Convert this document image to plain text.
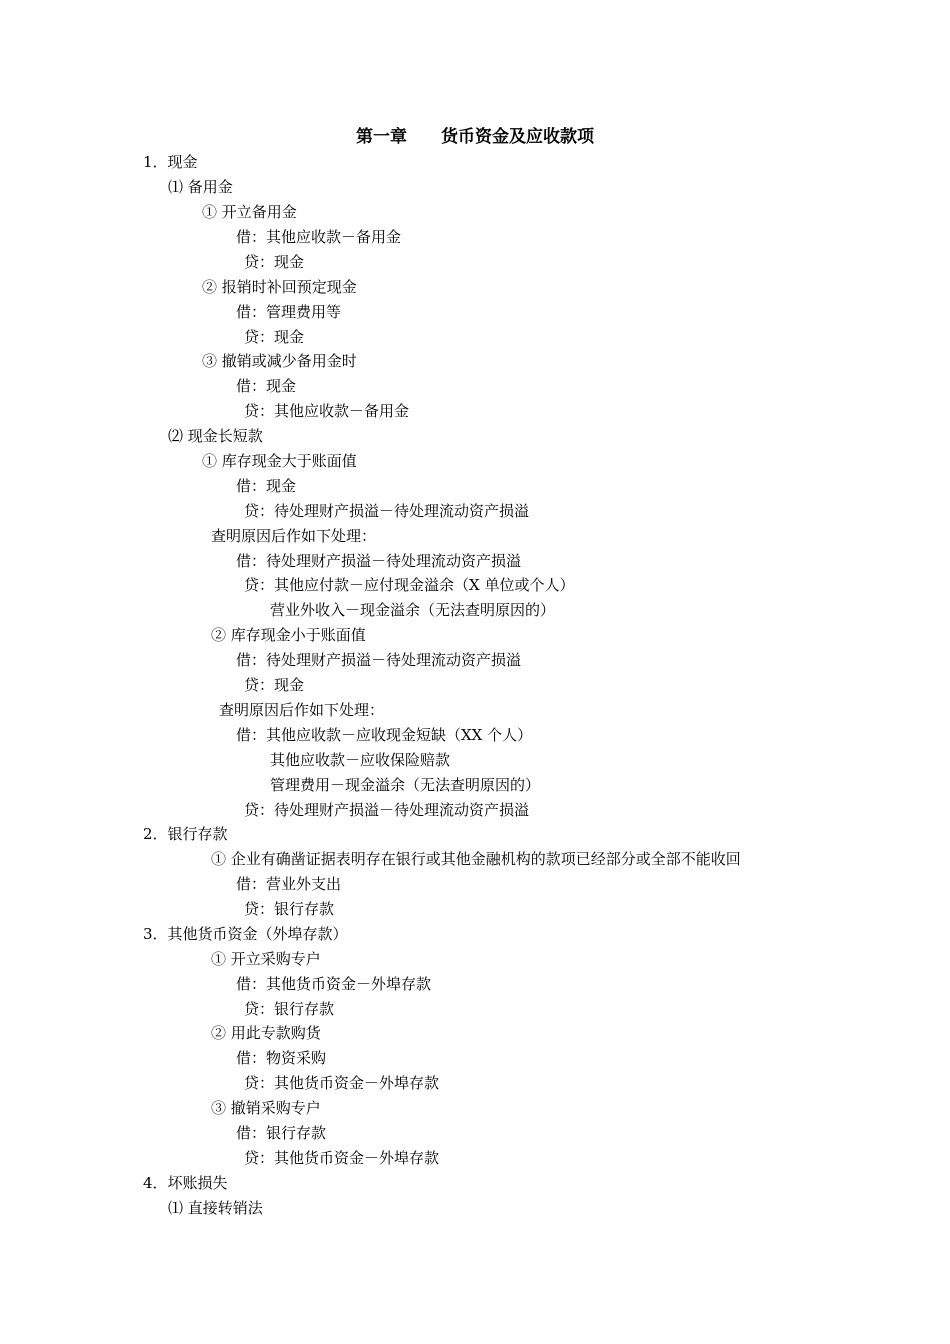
第一章　　货币资金及应收款项
1．现金
⑴ 备用金
① 开立备用金
借：其他应收款－备用金
贷：现金
② 报销时补回预定现金
借：管理费用等
贷：现金
③ 撤销或减少备用金时
借：现金
贷：其他应收款－备用金
⑵ 现金长短款
① 库存现金大于账面值
借：现金
贷：待处理财产损溢－待处理流动资产损溢
查明原因后作如下处理：
借：待处理财产损溢－待处理流动资产损溢
贷：其他应付款－应付现金溢余（X 单位或个人）
营业外收入－现金溢余（无法查明原因的）
② 库存现金小于账面值
借：待处理财产损溢－待处理流动资产损溢
贷：现金
查明原因后作如下处理：
借：其他应收款－应收现金短缺（XX 个人）
其他应收款－应收保险赔款
管理费用－现金溢余（无法查明原因的）
贷：待处理财产损溢－待处理流动资产损溢
2．银行存款
① 企业有确凿证据表明存在银行或其他金融机构的款项已经部分或全部不能收回
借：营业外支出
贷：银行存款
3．其他货币资金（外埠存款）
① 开立采购专户
借：其他货币资金－外埠存款
贷：银行存款
② 用此专款购货
借：物资采购
贷：其他货币资金－外埠存款
③ 撤销采购专户
借：银行存款
贷：其他货币资金－外埠存款
4．坏账损失
⑴ 直接转销法
